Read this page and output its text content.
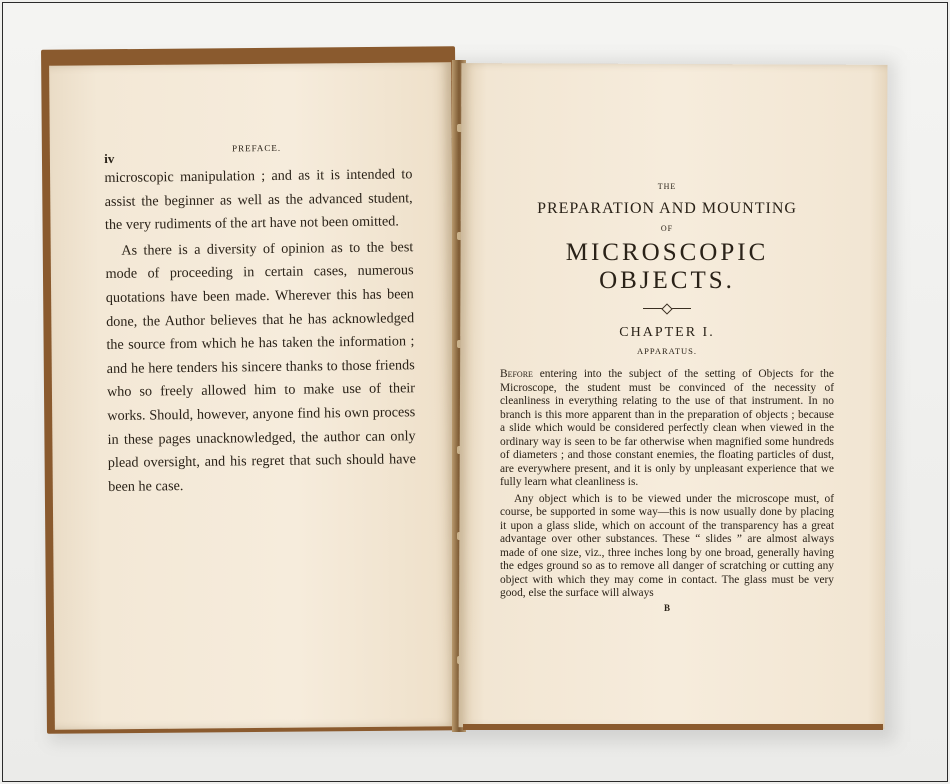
iv
PREFACE.

microscopic manipulation ; and as it is intended to assist the beginner as well as the advanced student, the very rudiments of the art have not been omitted.

As there is a diversity of opinion as to the best mode of proceeding in certain cases, numerous quotations have been made. Wherever this has been done, the Author believes that he has acknowledged the source from which he has taken the information ; and he here tenders his sincere thanks to those friends who so freely allowed him to make use of their works. Should, however, anyone find his own process in these pages unacknowledged, the author can only plead oversight, and his regret that such should have been he case.

THE
PREPARATION AND MOUNTING
OF
MICROSCOPIC OBJECTS.
CHAPTER I.
APPARATUS.

Before entering into the subject of the setting of Objects for the Microscope, the student must be convinced of the necessity of cleanliness in everything relating to the use of that instrument. In no branch is this more apparent than in the preparation of objects ; because a slide which would be considered perfectly clean when viewed in the ordinary way is seen to be far otherwise when magnified some hundreds of diameters ; and those constant enemies, the floating particles of dust, are everywhere present, and it is only by unpleasant experience that we fully learn what cleanliness is.

Any object which is to be viewed under the microscope must, of course, be supported in some way—this is now usually done by placing it upon a glass slide, which on account of the transparency has a great advantage over other substances. These “ slides ” are almost always made of one size, viz., three inches long by one broad, generally having the edges ground so as to remove all danger of scratching or cutting any object with which they may come in contact. The glass must be very good, else the surface will always

B
